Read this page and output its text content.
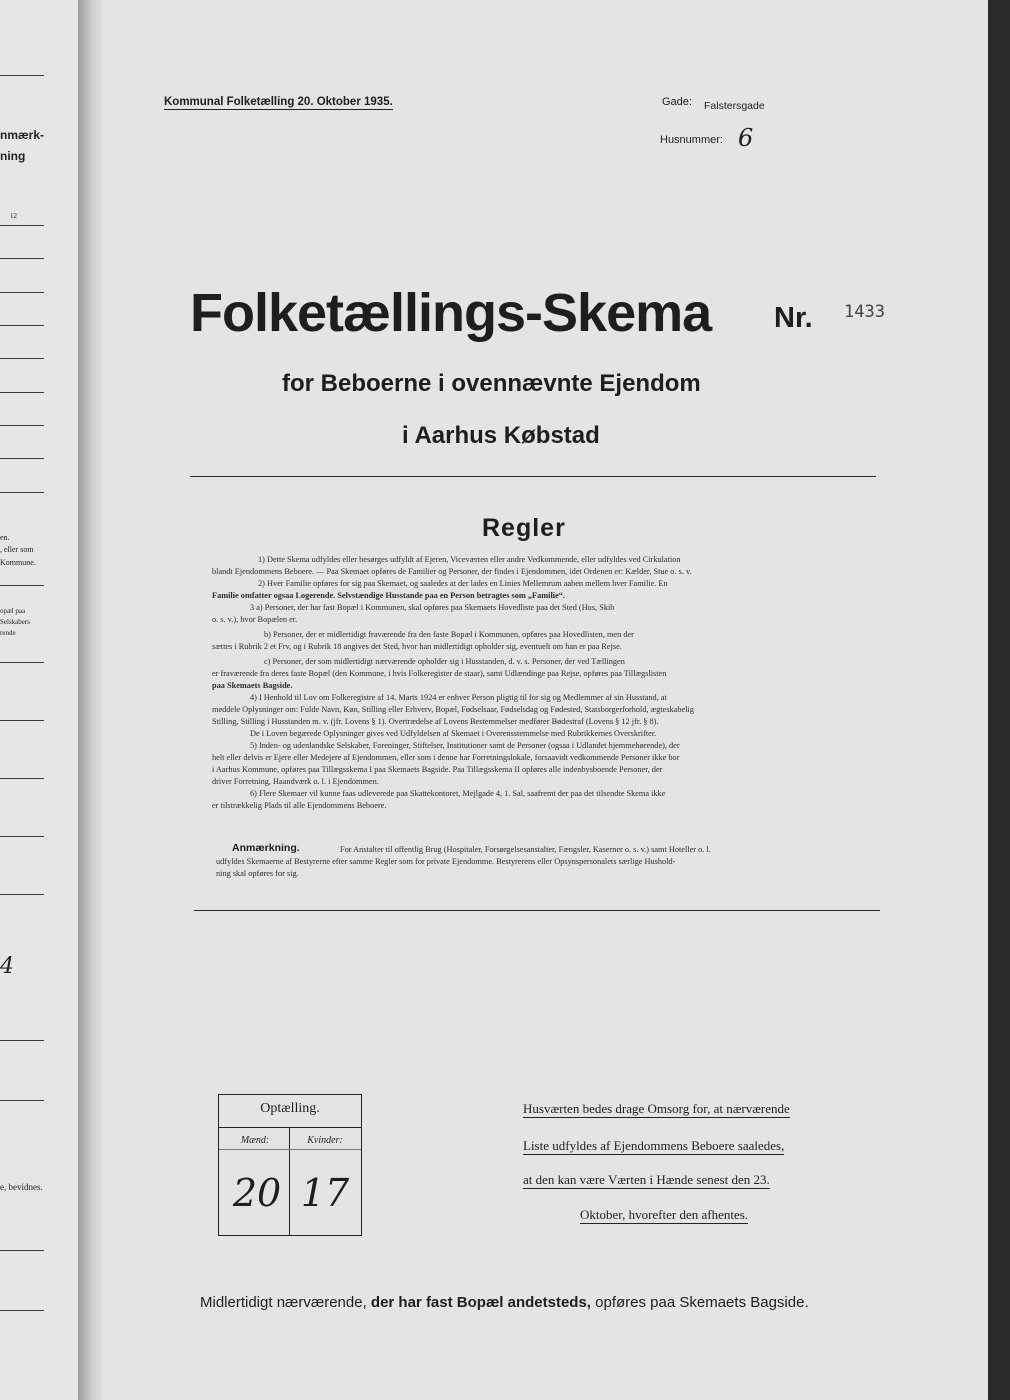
nmærk-
ning
12
en.
, eller som
Kommune.
opæl paa
Selskabers
rende
4
e, bevidnes.
Kommunal Folketælling 20. Oktober 1935.	Gade: Falstersgade
Husnummer: 6
Folketællings-Skema Nr. 1433
for Beboerne i ovennævnte Ejendom
i Aarhus Købstad
Regler
1) Dette Skema udfyldes eller besørges udfyldt af Ejeren, Viceværten eller andre Vedkommende, eller udfyldes ved Cirkulation
blandt Ejendommens Beboere. — Paa Skemaet opføres de Familier og Personer, der findes i Ejendommen, idet Ordenen er: Kælder, Stue o. s. v.
2) Hver Familie opføres for sig paa Skemaet, og saaledes at der lades en Linies Mellemrum aaben mellem hver Familie. En
Familie omfatter ogsaa Logerende. Selvstændige Husstande paa en Person betragtes som „Familie“.
3 a) Personer, der har fast Bopæl i Kommunen, skal opføres paa Skemaets Hovedliste paa det Sted (Hus, Skib
o. s. v.), hvor Bopælen er.
b) Personer, der er midlertidigt fraværende fra den faste Bopæl i Kommunen, opføres paa Hovedlisten, men der
sættes i Rubrik 2 et Frv, og i Rubrik 18 angives det Sted, hvor han midlertidigt opholder sig, eventuelt om han er paa Rejse.
c) Personer, der som midlertidigt nærværende opholder sig i Husstanden, d. v. s. Personer, der ved Tællingen
er fraværende fra deres faste Bopæl (den Kommune, i hvis Folkeregister de staar), samt Udlændinge paa Rejse, opføres paa Tillægslisten
paa Skemaets Bagside.
4) I Henhold til Lov om Folkeregistre af 14. Marts 1924 er enhver Person pligtig til for sig og Medlemmer af sin Husstand, at
meddele Oplysninger om: Fulde Navn, Køn, Stilling eller Erhverv, Bopæl, Fødselsaar, Fødselsdag og Fødested, Statsborgerforhold, ægteskabelig
Stilling, Stilling i Husstanden m. v. (jfr. Lovens § 1). Overtrædelse af Lovens Bestemmelser medfører Bødestraf (Lovens § 12 jfr. § 8).
De i Loven begærede Oplysninger gives ved Udfyldelsen af Skemaet i Overensstemmelse med Rubrikkernes Overskrifter.
5) Inden- og udenlandske Selskaber, Foreninger, Stiftelser, Institutioner samt de Personer (ogsaa i Udlandet hjemmehørende), der
helt eller delvis er Ejere eller Medejere af Ejendommen, eller som i denne har Forretningslokale, forsaavidt vedkommende Personer ikke bor
i Aarhus Kommune, opføres paa Tillægsskema I paa Skemaets Bagside. Paa Tillægsskema II opføres alle indenbysboende Personer, der
driver Forretning, Haandværk o. l. i Ejendommen.
6) Flere Skemaer vil kunne faas udleverede paa Skattekontoret, Mejlgade 4, 1. Sal, saafremt der paa det tilsendte Skema ikke
er tilstrækkelig Plads til alle Ejendommens Beboere.
Anmærkning.	For Anstalter til offentlig Brug (Hospitaler, Forsørgelsesanstalter, Fængsler, Kaserner o. s. v.) samt Hoteller o. l.
udfyldes Skemaerne af Bestyrerne efter samme Regler som for private Ejendomme. Bestyrerens eller Opsynspersonalets særlige Hushold-
ning skal opføres for sig.
Optælling.
Mænd:	Kvinder:
20 17
Husværten bedes drage Omsorg for, at nærværende
Liste udfyldes af Ejendommens Beboere saaledes,
at den kan være Værten i Hænde senest den 23.
Oktober, hvorefter den afhentes.
Midlertidigt nærværende, der har fast Bopæl andetsteds, opføres paa Skemaets Bagside.
